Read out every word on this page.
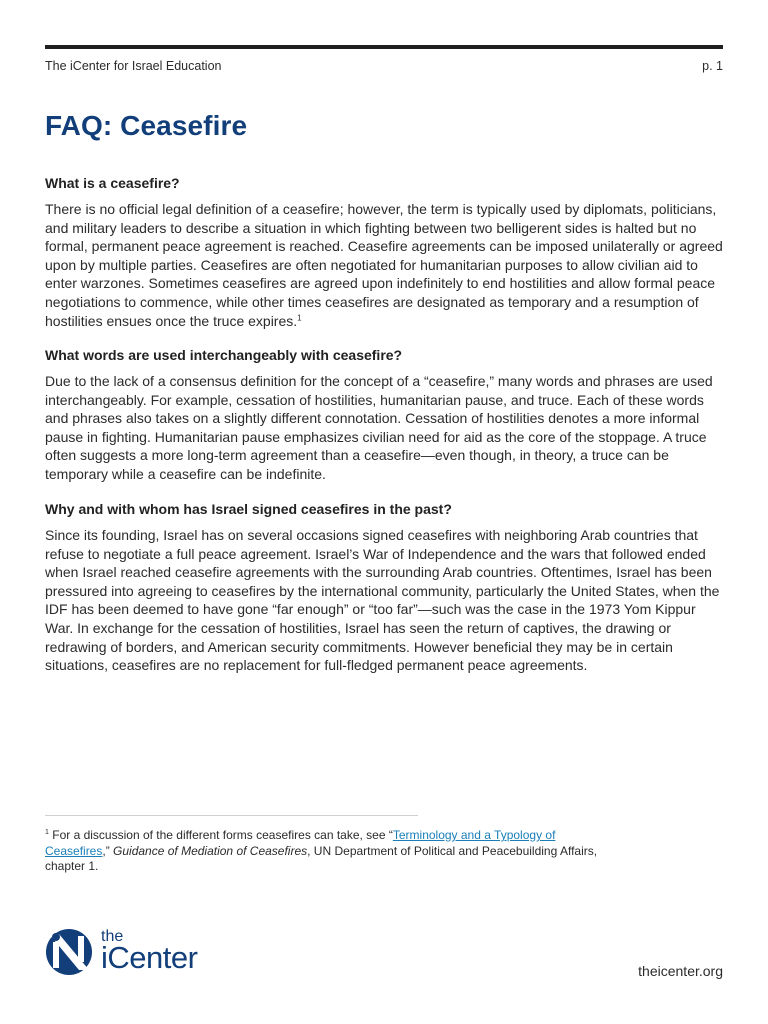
The iCenter for Israel Education	p. 1
FAQ: Ceasefire
What is a ceasefire?

There is no official legal definition of a ceasefire; however, the term is typically used by diplomats, politicians, and military leaders to describe a situation in which fighting between two belligerent sides is halted but no formal, permanent peace agreement is reached. Ceasefire agreements can be imposed unilaterally or agreed upon by multiple parties. Ceasefires are often negotiated for humanitarian purposes to allow civilian aid to enter warzones. Sometimes ceasefires are agreed upon indefinitely to end hostilities and allow formal peace negotiations to commence, while other times ceasefires are designated as temporary and a resumption of hostilities ensues once the truce expires.$^1$

What words are used interchangeably with ceasefire?

Due to the lack of a consensus definition for the concept of a “ceasefire,” many words and phrases are used interchangeably. For example, cessation of hostilities, humanitarian pause, and truce. Each of these words and phrases also takes on a slightly different connotation. Cessation of hostilities denotes a more informal pause in fighting. Humanitarian pause emphasizes civilian need for aid as the core of the stoppage. A truce often suggests a more long-term agreement than a ceasefire—even though, in theory, a truce can be temporary while a ceasefire can be indefinite.

Why and with whom has Israel signed ceasefires in the past?

Since its founding, Israel has on several occasions signed ceasefires with neighboring Arab countries that refuse to negotiate a full peace agreement. Israel’s War of Independence and the wars that followed ended when Israel reached ceasefire agreements with the surrounding Arab countries. Oftentimes, Israel has been pressured into agreeing to ceasefires by the international community, particularly the United States, when the IDF has been deemed to have gone “far enough” or “too far”—such was the case in the 1973 Yom Kippur War. In exchange for the cessation of hostilities, Israel has seen the return of captives, the drawing or redrawing of borders, and American security commitments. However beneficial they may be in certain situations, ceasefires are no replacement for full-fledged permanent peace agreements.

$^1$ For a discussion of the different forms ceasefires can take, see “Terminology and a Typology of Ceasefires,” Guidance of Mediation of Ceasefires, UN Department of Political and Peacebuilding Affairs, chapter 1.
the
iCenter	theicenter.org
